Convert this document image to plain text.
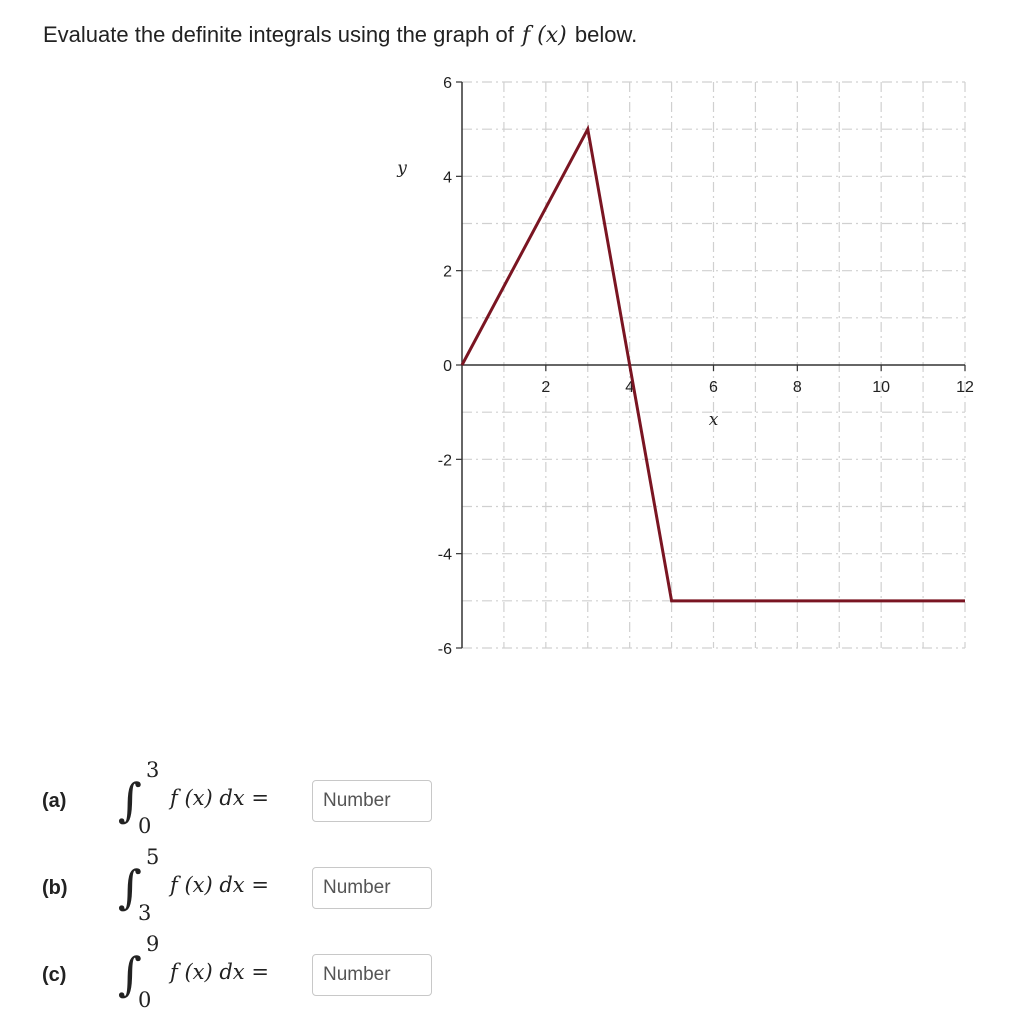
Evaluate the definite integrals using the graph of f (x) below.
-6
-4
-2
0
2
4
6
2	4	6	8	10	12
x
y
(a) ∫
3
0
f (x) dx =
Number
(b) ∫
5
3
f (x) dx =
Number
(c) ∫
9
0
f (x) dx =
Number
